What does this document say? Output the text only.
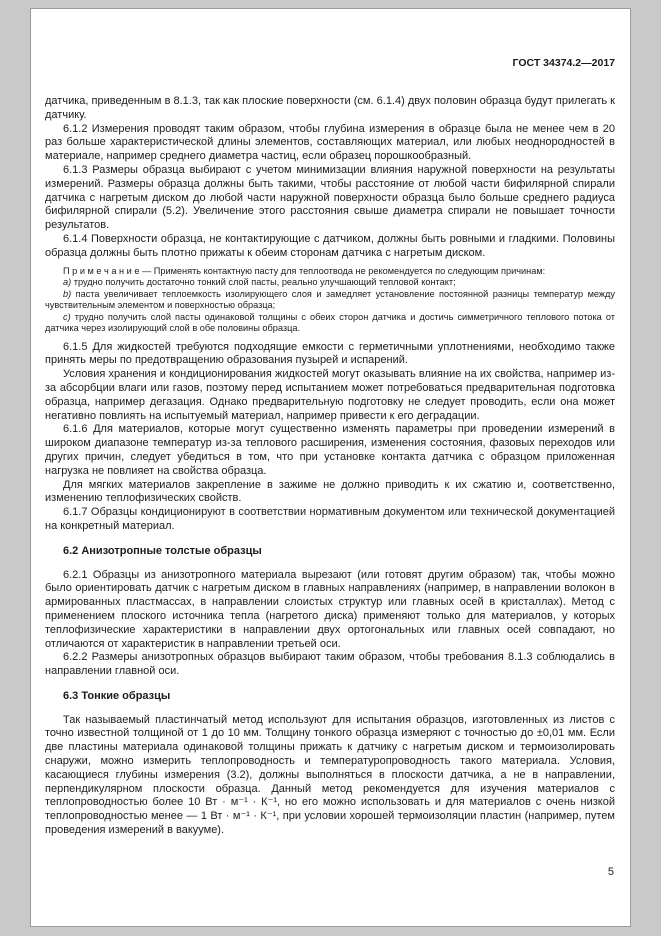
ГОСТ 34374.2—2017

датчика, приведенным в 8.1.3, так как плоские поверхности (см. 6.1.4) двух половин образца будут прилегать к датчику.

6.1.2 Измерения проводят таким образом, чтобы глубина измерения в образце была не менее чем в 20 раз больше характеристической длины элементов, составляющих материал, или любых неоднородностей в материале, например среднего диаметра частиц, если образец порошкообразный.

6.1.3 Размеры образца выбирают с учетом минимизации влияния наружной поверхности на результаты измерений. Размеры образца должны быть такими, чтобы расстояние от любой части бифилярной спирали датчика с нагретым диском до любой части наружной поверхности образца было больше среднего радиуса бифилярной спирали (5.2). Увеличение этого расстояния свыше диаметра спирали не повышает точности результатов.

6.1.4 Поверхности образца, не контактирующие с датчиком, должны быть ровными и гладкими. Половины образца должны быть плотно прижаты к обеим сторонам датчика с нагретым диском.

П р и м е ч а н и е — Применять контактную пасту для теплоотвода не рекомендуется по следующим причинам:

a) трудно получить достаточно тонкий слой пасты, реально улучшающий тепловой контакт;

b) паста увеличивает теплоемкость изолирующего слоя и замедляет установление постоянной разницы температур между чувствительным элементом и поверхностью образца;

c) трудно получить слой пасты одинаковой толщины с обеих сторон датчика и достичь симметричного теплового потока от датчика через изолирующий слой в обе половины образца.

6.1.5 Для жидкостей требуются подходящие емкости с герметичными уплотнениями, необходимо также принять меры по предотвращению образования пузырей и испарений.

Условия хранения и кондиционирования жидкостей могут оказывать влияние на их свойства, например из-за абсорбции влаги или газов, поэтому перед испытанием может потребоваться предварительная подготовка образца, например дегазация. Однако предварительную подготовку не следует проводить, если она может негативно повлиять на испытуемый материал, например привести к его деградации.

6.1.6 Для материалов, которые могут существенно изменять параметры при проведении измерений в широком диапазоне температур из-за теплового расширения, изменения состояния, фазовых переходов или других причин, следует убедиться в том, что при установке контакта датчика с образцом приложенная нагрузка не повлияет на свойства образца.

Для мягких материалов закрепление в зажиме не должно приводить к их сжатию и, соответственно, изменению теплофизических свойств.

6.1.7 Образцы кондиционируют в соответствии нормативным документом или технической документацией на конкретный материал.

6.2 Анизотропные толстые образцы

6.2.1 Образцы из анизотропного материала вырезают (или готовят другим образом) так, чтобы можно было ориентировать датчик с нагретым диском в главных направлениях (например, в направлении волокон в армированных пластмассах, в направлении слоистых структур или главных осей в кристаллах). Метод с применением плоского источника тепла (нагретого диска) применяют только для материалов, у которых теплофизические характеристики в направлении двух ортогональных или главных осей совпадают, но отличаются от характеристик в направлении третьей оси.

6.2.2 Размеры анизотропных образцов выбирают таким образом, чтобы требования 8.1.3 соблюдались в направлении главной оси.

6.3 Тонкие образцы

Так называемый пластинчатый метод используют для испытания образцов, изготовленных из листов с точно известной толщиной от 1 до 10 мм. Толщину тонкого образца измеряют с точностью до ±0,01 мм. Если две пластины материала одинаковой толщины прижать к датчику с нагретым диском и термоизолировать снаружи, можно измерить теплопроводность и температуропроводность такого материала. Условия, касающиеся глубины измерения (3.2), должны выполняться в плоскости датчика, а не в направлении, перпендикулярном плоскости образца. Данный метод рекомендуется для изучения материалов с теплопроводностью более 10 Вт · м⁻¹ · К⁻¹, но его можно использовать и для материалов с очень низкой теплопроводностью менее — 1 Вт · м⁻¹ · К⁻¹, при условии хорошей термоизоляции пластин (например, путем проведения измерений в вакууме).

5
